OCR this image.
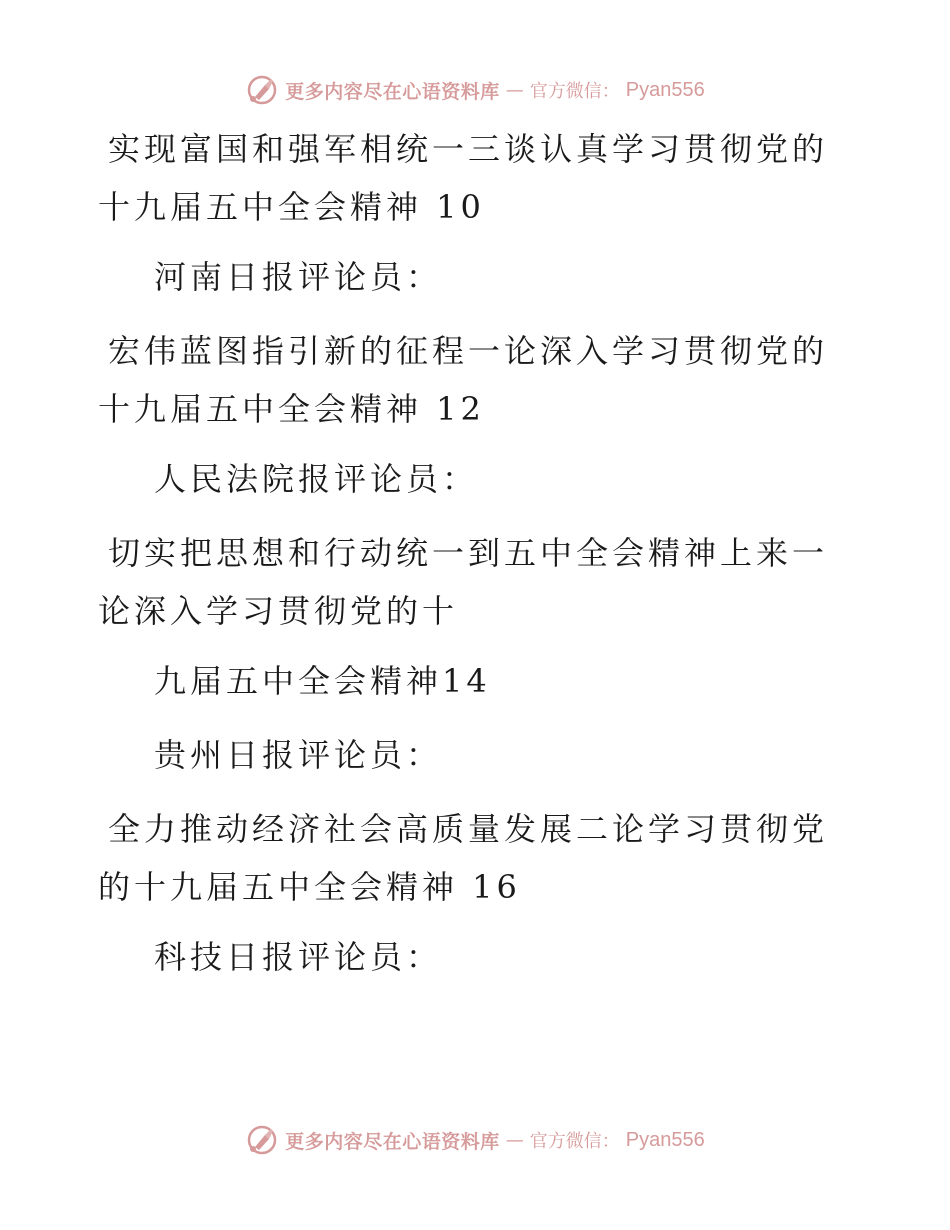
更多内容尽在心语资料库 — 官方微信： Pyan556

实现富国和强军相统一三谈认真学习贯彻党的十九届五中全会精神 10

河南日报评论员：

宏伟蓝图指引新的征程一论深入学习贯彻党的十九届五中全会精神 12

人民法院报评论员：

切实把思想和行动统一到五中全会精神上来一论深入学习贯彻党的十

九届五中全会精神14

贵州日报评论员：

全力推动经济社会高质量发展二论学习贯彻党的十九届五中全会精神 16

科技日报评论员：

更多内容尽在心语资料库 — 官方微信： Pyan556
